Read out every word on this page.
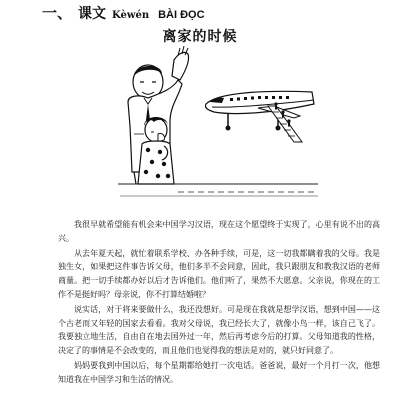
一、 课文 Kèwén BÀI ĐỌC
离家的时候

我很早就希望能有机会来中国学习汉语，现在这个愿望终于实现了，心里有说不出的高兴。

从去年夏天起，就忙着联系学校、办各种手续，可是，这一切我都瞒着我的父母。我是独生女，如果把这件事告诉父母，他们多半不会同意，因此，我只跟朋友和教我汉语的老师商量。把一切手续都办好以后才告诉他们。他们听了，果然不大愿意。父亲说，你现在的工作不是挺好吗？母亲说，你不打算结婚啦？

说实话，对于将来要做什么，我还没想好。可是现在我就是想学汉语，想到中国——这个古老而又年轻的国家去看看。我对父母说，我已经长大了，就像小鸟一样，该自己飞了。我要独立地生活，自由自在地去国外过一年，然后再考虑今后的打算。父母知道我的性格，决定了的事情是不会改变的，而且他们也觉得我的想法是对的，就只好同意了。

妈妈要我到中国以后，每个星期都给她打一次电话。爸爸说，最好一个月打一次，他想知道我在中国学习和生活的情况。
